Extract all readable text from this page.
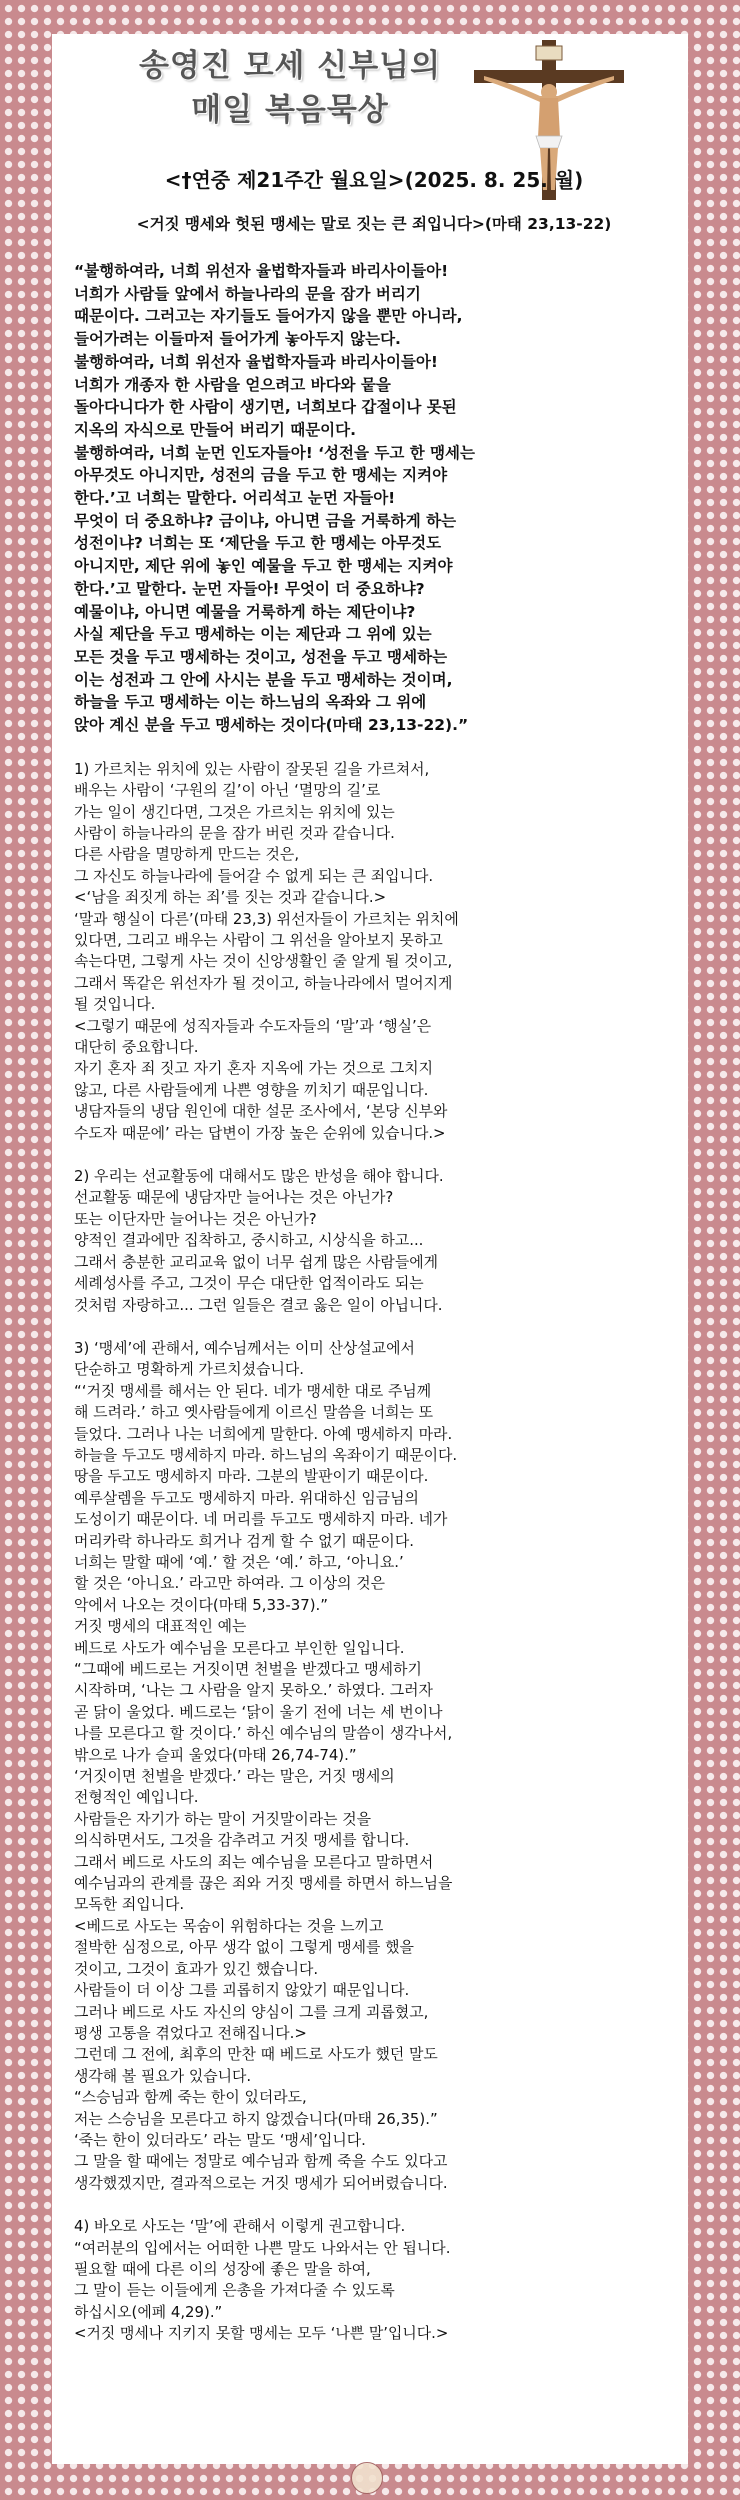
송영진 모세 신부님의
매일 복음묵상
<†연중 제21주간 월요일>(2025. 8. 25. 월)
<거짓 맹세와 헛된 맹세는 말로 짓는 큰 죄입니다>(마태 23,13-22)
“불행하여라, 너희 위선자 율법학자들과 바리사이들아!
너희가 사람들 앞에서 하늘나라의 문을 잠가 버리기
때문이다. 그러고는 자기들도 들어가지 않을 뿐만 아니라,
들어가려는 이들마저 들어가게 놓아두지 않는다.
불행하여라, 너희 위선자 율법학자들과 바리사이들아!
너희가 개종자 한 사람을 얻으려고 바다와 뭍을
돌아다니다가 한 사람이 생기면, 너희보다 갑절이나 못된
지옥의 자식으로 만들어 버리기 때문이다.
불행하여라, 너희 눈먼 인도자들아! ‘성전을 두고 한 맹세는
아무것도 아니지만, 성전의 금을 두고 한 맹세는 지켜야
한다.’고 너희는 말한다. 어리석고 눈먼 자들아!
무엇이 더 중요하냐? 금이냐, 아니면 금을 거룩하게 하는
성전이냐? 너희는 또 ‘제단을 두고 한 맹세는 아무것도
아니지만, 제단 위에 놓인 예물을 두고 한 맹세는 지켜야
한다.’고 말한다. 눈먼 자들아! 무엇이 더 중요하냐?
예물이냐, 아니면 예물을 거룩하게 하는 제단이냐?
사실 제단을 두고 맹세하는 이는 제단과 그 위에 있는
모든 것을 두고 맹세하는 것이고, 성전을 두고 맹세하는
이는 성전과 그 안에 사시는 분을 두고 맹세하는 것이며,
하늘을 두고 맹세하는 이는 하느님의 옥좌와 그 위에
앉아 계신 분을 두고 맹세하는 것이다(마태 23,13-22).”
1) 가르치는 위치에 있는 사람이 잘못된 길을 가르쳐서,
배우는 사람이 ‘구원의 길’이 아닌 ‘멸망의 길’로
가는 일이 생긴다면, 그것은 가르치는 위치에 있는
사람이 하늘나라의 문을 잠가 버린 것과 같습니다.
다른 사람을 멸망하게 만드는 것은,
그 자신도 하늘나라에 들어갈 수 없게 되는 큰 죄입니다.
<‘남을 죄짓게 하는 죄’를 짓는 것과 같습니다.>
‘말과 행실이 다른’(마태 23,3) 위선자들이 가르치는 위치에
있다면, 그리고 배우는 사람이 그 위선을 알아보지 못하고
속는다면, 그렇게 사는 것이 신앙생활인 줄 알게 될 것이고,
그래서 똑같은 위선자가 될 것이고, 하늘나라에서 멀어지게
될 것입니다.
<그렇기 때문에 성직자들과 수도자들의 ‘말’과 ‘행실’은
대단히 중요합니다.
자기 혼자 죄 짓고 자기 혼자 지옥에 가는 것으로 그치지
않고, 다른 사람들에게 나쁜 영향을 끼치기 때문입니다.
냉담자들의 냉담 원인에 대한 설문 조사에서, ‘본당 신부와
수도자 때문에’ 라는 답변이 가장 높은 순위에 있습니다.>
2) 우리는 선교활동에 대해서도 많은 반성을 해야 합니다.
선교활동 때문에 냉담자만 늘어나는 것은 아닌가?
또는 이단자만 늘어나는 것은 아닌가?
양적인 결과에만 집착하고, 중시하고, 시상식을 하고...
그래서 충분한 교리교육 없이 너무 쉽게 많은 사람들에게
세례성사를 주고, 그것이 무슨 대단한 업적이라도 되는
것처럼 자랑하고... 그런 일들은 결코 옳은 일이 아닙니다.
3) ‘맹세’에 관해서, 예수님께서는 이미 산상설교에서
단순하고 명확하게 가르치셨습니다.
“‘거짓 맹세를 해서는 안 된다. 네가 맹세한 대로 주님께
해 드려라.’ 하고 옛사람들에게 이르신 말씀을 너희는 또
들었다. 그러나 나는 너희에게 말한다. 아예 맹세하지 마라.
하늘을 두고도 맹세하지 마라. 하느님의 옥좌이기 때문이다.
땅을 두고도 맹세하지 마라. 그분의 발판이기 때문이다.
예루살렘을 두고도 맹세하지 마라. 위대하신 임금님의
도성이기 때문이다. 네 머리를 두고도 맹세하지 마라. 네가
머리카락 하나라도 희거나 검게 할 수 없기 때문이다.
너희는 말할 때에 ‘예.’ 할 것은 ‘예.’ 하고, ‘아니요.’
할 것은 ‘아니요.’ 라고만 하여라. 그 이상의 것은
악에서 나오는 것이다(마태 5,33-37).”
거짓 맹세의 대표적인 예는
베드로 사도가 예수님을 모른다고 부인한 일입니다.
“그때에 베드로는 거짓이면 천벌을 받겠다고 맹세하기
시작하며, ‘나는 그 사람을 알지 못하오.’ 하였다. 그러자
곧 닭이 울었다. 베드로는 ‘닭이 울기 전에 너는 세 번이나
나를 모른다고 할 것이다.’ 하신 예수님의 말씀이 생각나서,
밖으로 나가 슬피 울었다(마태 26,74-74).”
‘거짓이면 천벌을 받겠다.’ 라는 말은, 거짓 맹세의
전형적인 예입니다.
사람들은 자기가 하는 말이 거짓말이라는 것을
의식하면서도, 그것을 감추려고 거짓 맹세를 합니다.
그래서 베드로 사도의 죄는 예수님을 모른다고 말하면서
예수님과의 관계를 끊은 죄와 거짓 맹세를 하면서 하느님을
모독한 죄입니다.
<베드로 사도는 목숨이 위험하다는 것을 느끼고
절박한 심정으로, 아무 생각 없이 그렇게 맹세를 했을
것이고, 그것이 효과가 있긴 했습니다.
사람들이 더 이상 그를 괴롭히지 않았기 때문입니다.
그러나 베드로 사도 자신의 양심이 그를 크게 괴롭혔고,
평생 고통을 겪었다고 전해집니다.>
그런데 그 전에, 최후의 만찬 때 베드로 사도가 했던 말도
생각해 볼 필요가 있습니다.
“스승님과 함께 죽는 한이 있더라도,
저는 스승님을 모른다고 하지 않겠습니다(마태 26,35).”
‘죽는 한이 있더라도’ 라는 말도 ‘맹세’입니다.
그 말을 할 때에는 정말로 예수님과 함께 죽을 수도 있다고
생각했겠지만, 결과적으로는 거짓 맹세가 되어버렸습니다.
4) 바오로 사도는 ‘말’에 관해서 이렇게 권고합니다.
“여러분의 입에서는 어떠한 나쁜 말도 나와서는 안 됩니다.
필요할 때에 다른 이의 성장에 좋은 말을 하여,
그 말이 듣는 이들에게 은총을 가져다줄 수 있도록
하십시오(에페 4,29).”
<거짓 맹세나 지키지 못할 맹세는 모두 ‘나쁜 말’입니다.>
